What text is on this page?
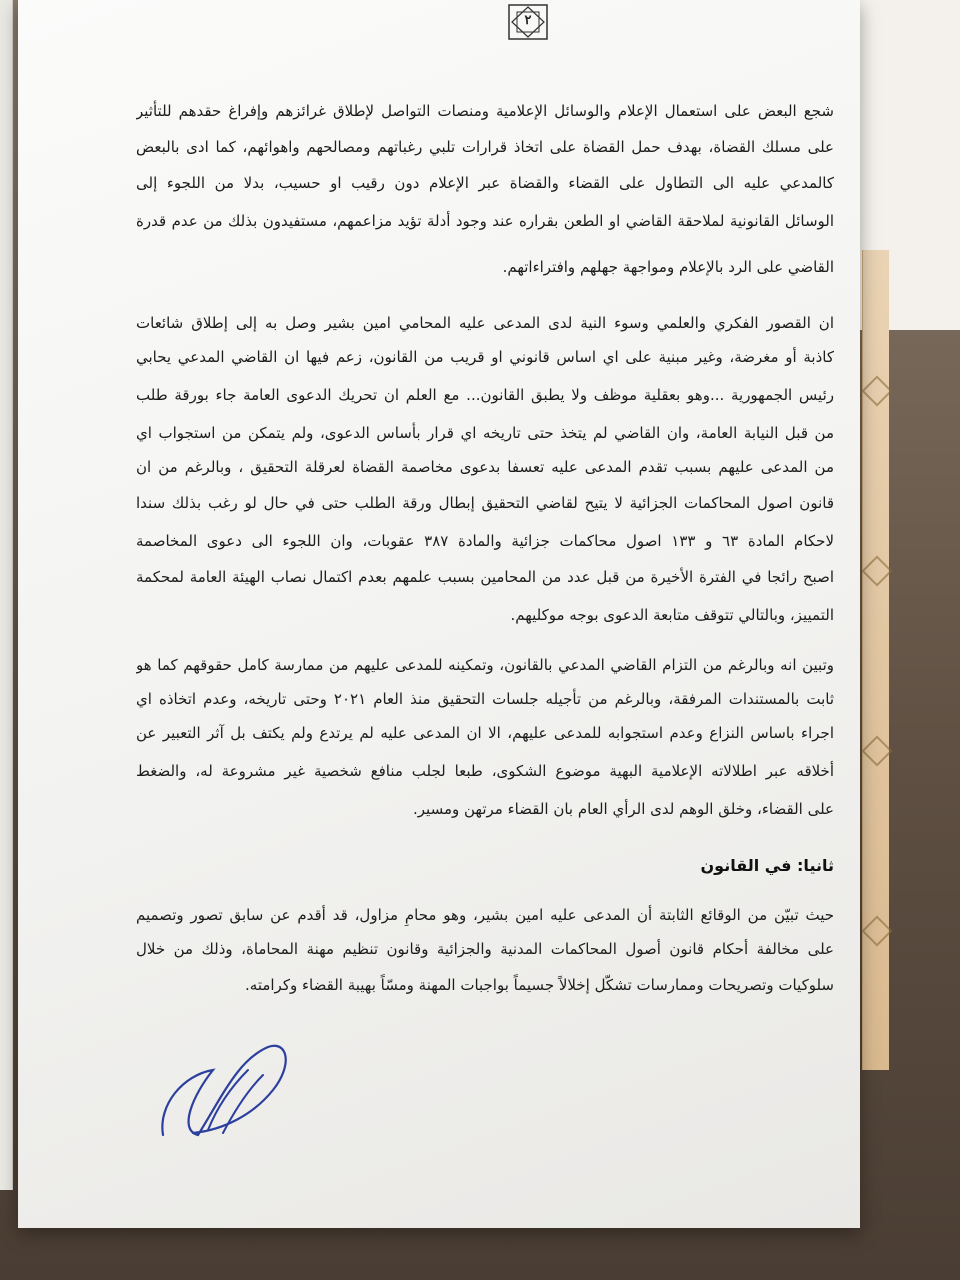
٢

شجع البعض على استعمال الإعلام والوسائل الإعلامية ومنصات التواصل لإطلاق غرائزهم وإفراغ حقدهم للتأثير

على مسلك القضاة، بهدف حمل القضاة على اتخاذ قرارات تلبي رغباتهم ومصالحهم واهوائهم، كما ادى بالبعض

كالمدعي عليه الى التطاول على القضاء والقضاة عبر الإعلام دون رقيب او حسيب، بدلا من اللجوء إلى

الوسائل القانونية لملاحقة القاضي او الطعن بقراره عند وجود أدلة تؤيد مزاعمهم، مستفيدون بذلك من عدم قدرة

القاضي على الرد بالإعلام ومواجهة جهلهم وافتراءاتهم.

ان القصور الفكري والعلمي وسوء النية لدى المدعى عليه المحامي امين بشير وصل به إلى إطلاق شائعات

كاذبة أو مغرضة، وغير مبنية على اي اساس قانوني او قريب من القانون، زعم فيها ان القاضي المدعي يحابي

رئيس الجمهورية ...وهو بعقلية موظف ولا يطبق القانون... مع العلم ان تحريك الدعوى العامة جاء بورقة طلب

من قبل النيابة العامة، وان القاضي لم يتخذ حتى تاريخه اي قرار بأساس الدعوى، ولم يتمكن من استجواب اي

من المدعى عليهم بسبب تقدم المدعى عليه تعسفا بدعوى مخاصمة القضاة لعرقلة التحقيق ، وبالرغم من ان

قانون اصول المحاكمات الجزائية لا يتيح لقاضي التحقيق إبطال ورقة الطلب حتى في حال لو رغب بذلك سندا

لاحكام المادة ٦٣ و ١٣٣ اصول محاكمات جزائية والمادة ٣٨٧ عقوبات، وان اللجوء الى دعوى المخاصمة

اصبح رائجا في الفترة الأخيرة من قبل عدد من المحامين بسبب علمهم بعدم اكتمال نصاب الهيئة العامة لمحكمة

التمييز، وبالتالي تتوقف متابعة الدعوى بوجه موكليهم.

وتبين انه وبالرغم من التزام القاضي المدعي بالقانون، وتمكينه للمدعى عليهم من ممارسة كامل حقوقهم كما هو

ثابت بالمستندات المرفقة، وبالرغم من تأجيله جلسات التحقيق منذ العام ٢٠٢١ وحتى تاريخه، وعدم اتخاذه اي

اجراء باساس النزاع وعدم استجوابه للمدعى عليهم، الا ان المدعى عليه لم يرتدع ولم يكتف بل آثر التعبير عن

أخلاقه عبر اطلالاته الإعلامية البهية موضوع الشكوى، طبعا لجلب منافع شخصية غير مشروعة له، والضغط

على القضاء، وخلق الوهم لدى الرأي العام بان القضاء مرتهن ومسير.

ثانيا: في القانون

حيث تبيّن من الوقائع الثابتة أن المدعى عليه امين بشير، وهو محامٍ مزاول، قد أقدم عن سابق تصور وتصميم

على مخالفة أحكام قانون أصول المحاكمات المدنية والجزائية وقانون تنظيم مهنة المحاماة، وذلك من خلال

سلوكيات وتصريحات وممارسات تشكّل إخلالاً جسيماً بواجبات المهنة ومسّاً بهيبة القضاء وكرامته.
